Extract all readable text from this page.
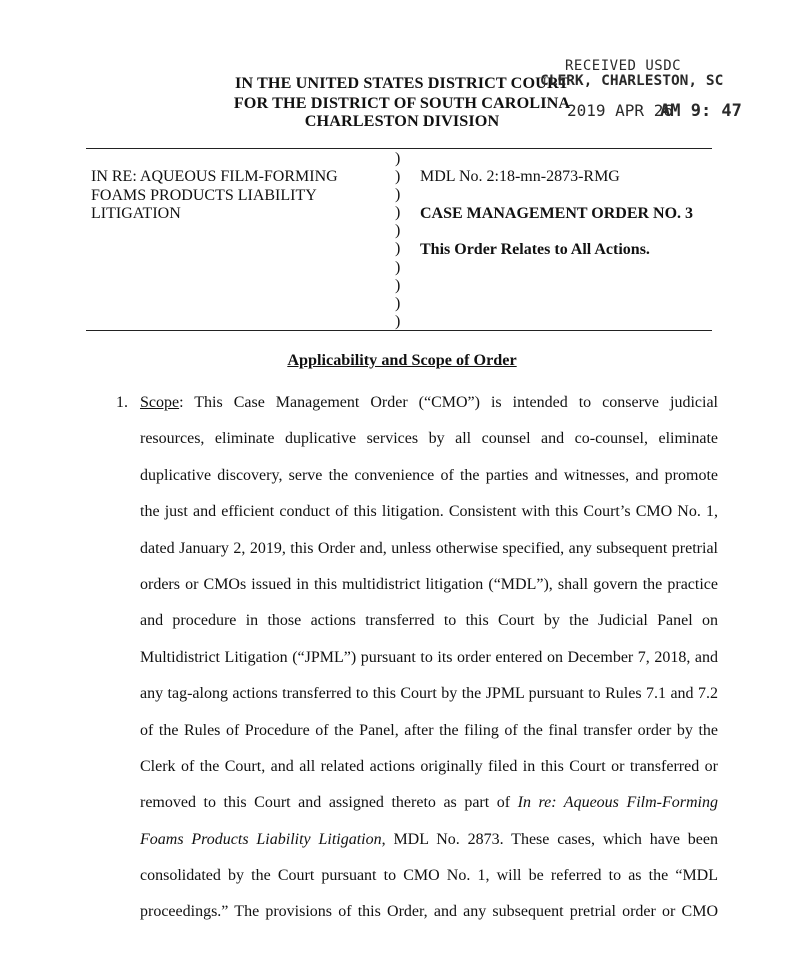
IN THE UNITED STATES DISTRICT COURT
FOR THE DISTRICT OF SOUTH CAROLINA
CHARLESTON DIVISION
RECEIVED USDC
CLERK, CHARLESTON, SC
2019 APR 26
AM 9: 47
IN RE: AQUEOUS FILM-FORMING
FOAMS PRODUCTS LIABILITY
LITIGATION
)
)
)
)
)
)
)
)
)
)
MDL No. 2:18-mn-2873-RMG
CASE MANAGEMENT ORDER NO. 3
This Order Relates to All Actions.
Applicability and Scope of Order
1. Scope: This Case Management Order (“CMO”) is intended to conserve judicial
resources, eliminate duplicative services by all counsel and co-counsel, eliminate
duplicative discovery, serve the convenience of the parties and witnesses, and promote
the just and efficient conduct of this litigation. Consistent with this Court’s CMO No. 1,
dated January 2, 2019, this Order and, unless otherwise specified, any subsequent pretrial
orders or CMOs issued in this multidistrict litigation (“MDL”), shall govern the practice
and procedure in those actions transferred to this Court by the Judicial Panel on
Multidistrict Litigation (“JPML”) pursuant to its order entered on December 7, 2018, and
any tag-along actions transferred to this Court by the JPML pursuant to Rules 7.1 and 7.2
of the Rules of Procedure of the Panel, after the filing of the final transfer order by the
Clerk of the Court, and all related actions originally filed in this Court or transferred or
removed to this Court and assigned thereto as part of In re: Aqueous Film-Forming
Foams Products Liability Litigation, MDL No. 2873. These cases, which have been
consolidated by the Court pursuant to CMO No. 1, will be referred to as the “MDL
proceedings.” The provisions of this Order, and any subsequent pretrial order or CMO
